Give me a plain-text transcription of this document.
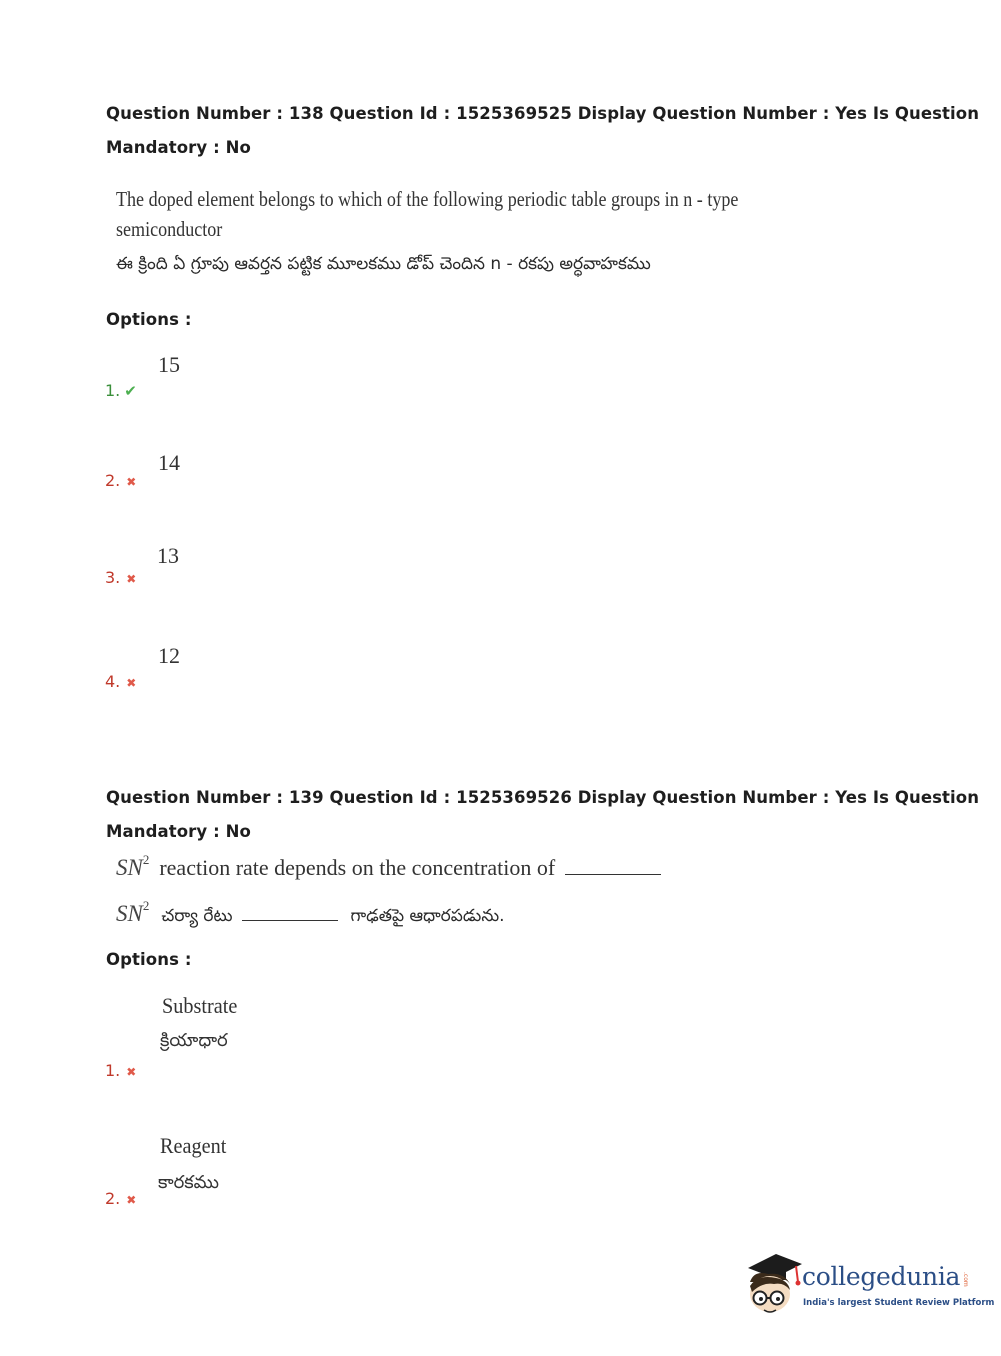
Question Number : 138 Question Id : 1525369525 Display Question Number : Yes Is Question
Mandatory : No
The doped element belongs to which of the following periodic table groups in n - type
semiconductor
ఈ క్రింది ఏ గ్రూపు ఆవర్తన పట్టిక మూలకము డోప్ చెందిన n - రకపు అర్ధవాహకము
Options :
15
1. ✔
14
2. ✖
13
3. ✖
12
4. ✖
Question Number : 139 Question Id : 1525369526 Display Question Number : Yes Is Question
Mandatory : No
$SN^2$ reaction rate depends on the concentration of
$SN^2$ చర్యా రేటు	గాఢతపై ఆధారపడును.
Options :
Substrate
క్రియాధార
1. ✖
Reagent
కారకము
2. ✖
collegedunia .com
India's largest Student Review Platform
